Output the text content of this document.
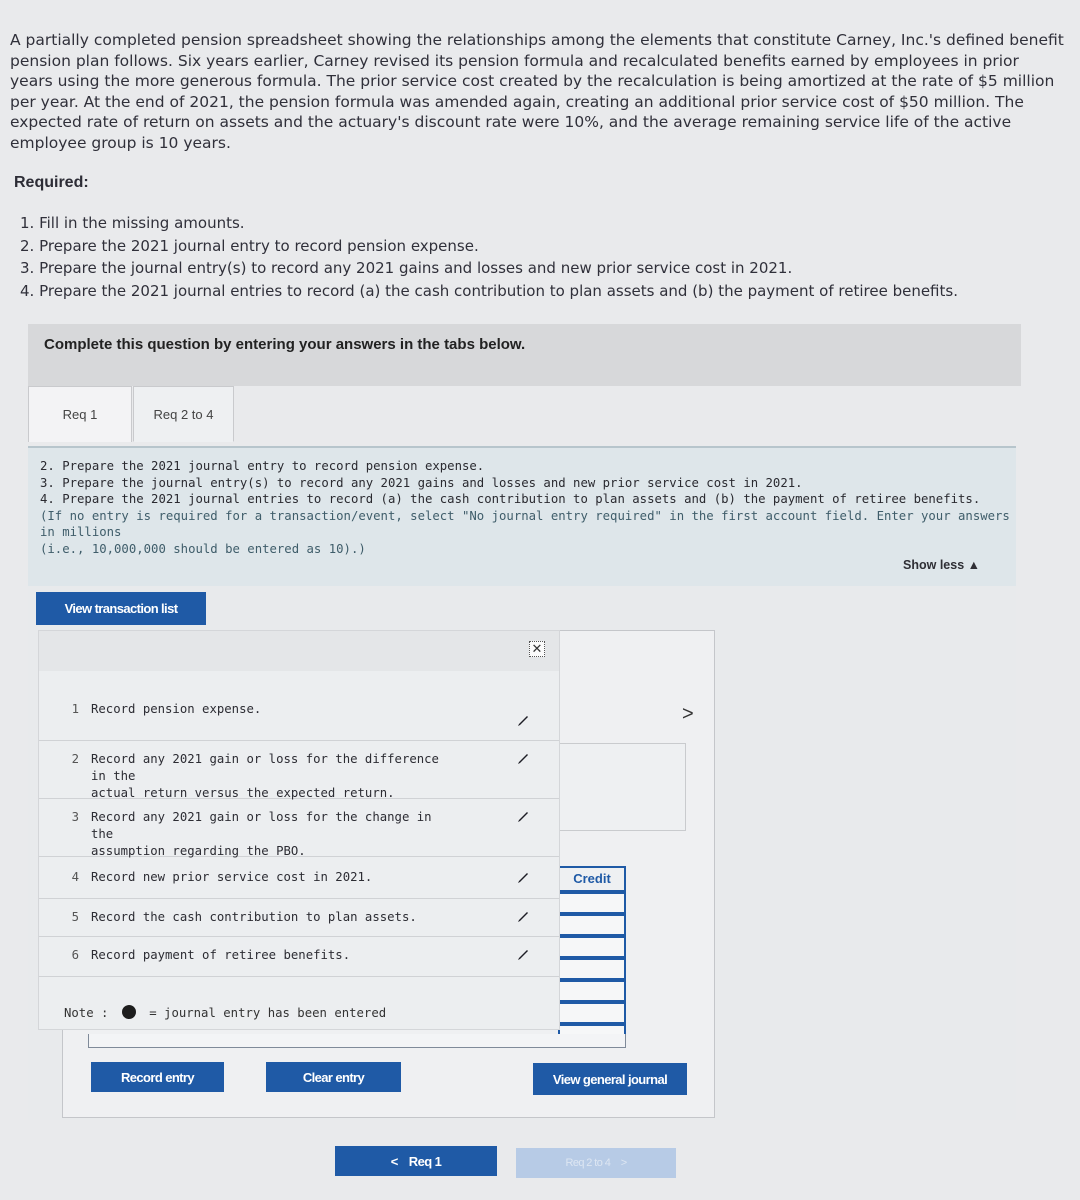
A partially completed pension spreadsheet showing the relationships among the elements that constitute Carney, Inc.'s defined benefit pension plan follows. Six years earlier, Carney revised its pension formula and recalculated benefits earned by employees in prior years using the more generous formula. The prior service cost created by the recalculation is being amortized at the rate of $5 million per year. At the end of 2021, the pension formula was amended again, creating an additional prior service cost of $50 million. The expected rate of return on assets and the actuary's discount rate were 10%, and the average remaining service life of the active employee group is 10 years.
Required:
1. Fill in the missing amounts.
2. Prepare the 2021 journal entry to record pension expense.
3. Prepare the journal entry(s) to record any 2021 gains and losses and new prior service cost in 2021.
4. Prepare the 2021 journal entries to record (a) the cash contribution to plan assets and (b) the payment of retiree benefits.
Complete this question by entering your answers in the tabs below.
Req 1	Req 2 to 4
2. Prepare the 2021 journal entry to record pension expense.
3. Prepare the journal entry(s) to record any 2021 gains and losses and new prior service cost in 2021.
4. Prepare the 2021 journal entries to record (a) the cash contribution to plan assets and (b) the payment of retiree benefits.
(If no entry is required for a transaction/event, select "No journal entry required" in the first account field. Enter your answers in millions
(i.e., 10,000,000 should be entered as 10).)
Show less ▲
View transaction list
Credit
1 Record pension expense.
2 Record any 2021 gain or loss for the difference in the
actual return versus the expected return.
3 Record any 2021 gain or loss for the change in the
assumption regarding the PBO.
4 Record new prior service cost in 2021.
5 Record the cash contribution to plan assets.
6 Record payment of retiree benefits.
✕
>
Note :	= journal entry has been entered
Record entry	Clear entry	View general journal
< Req 1	Req 2 to 4 >
